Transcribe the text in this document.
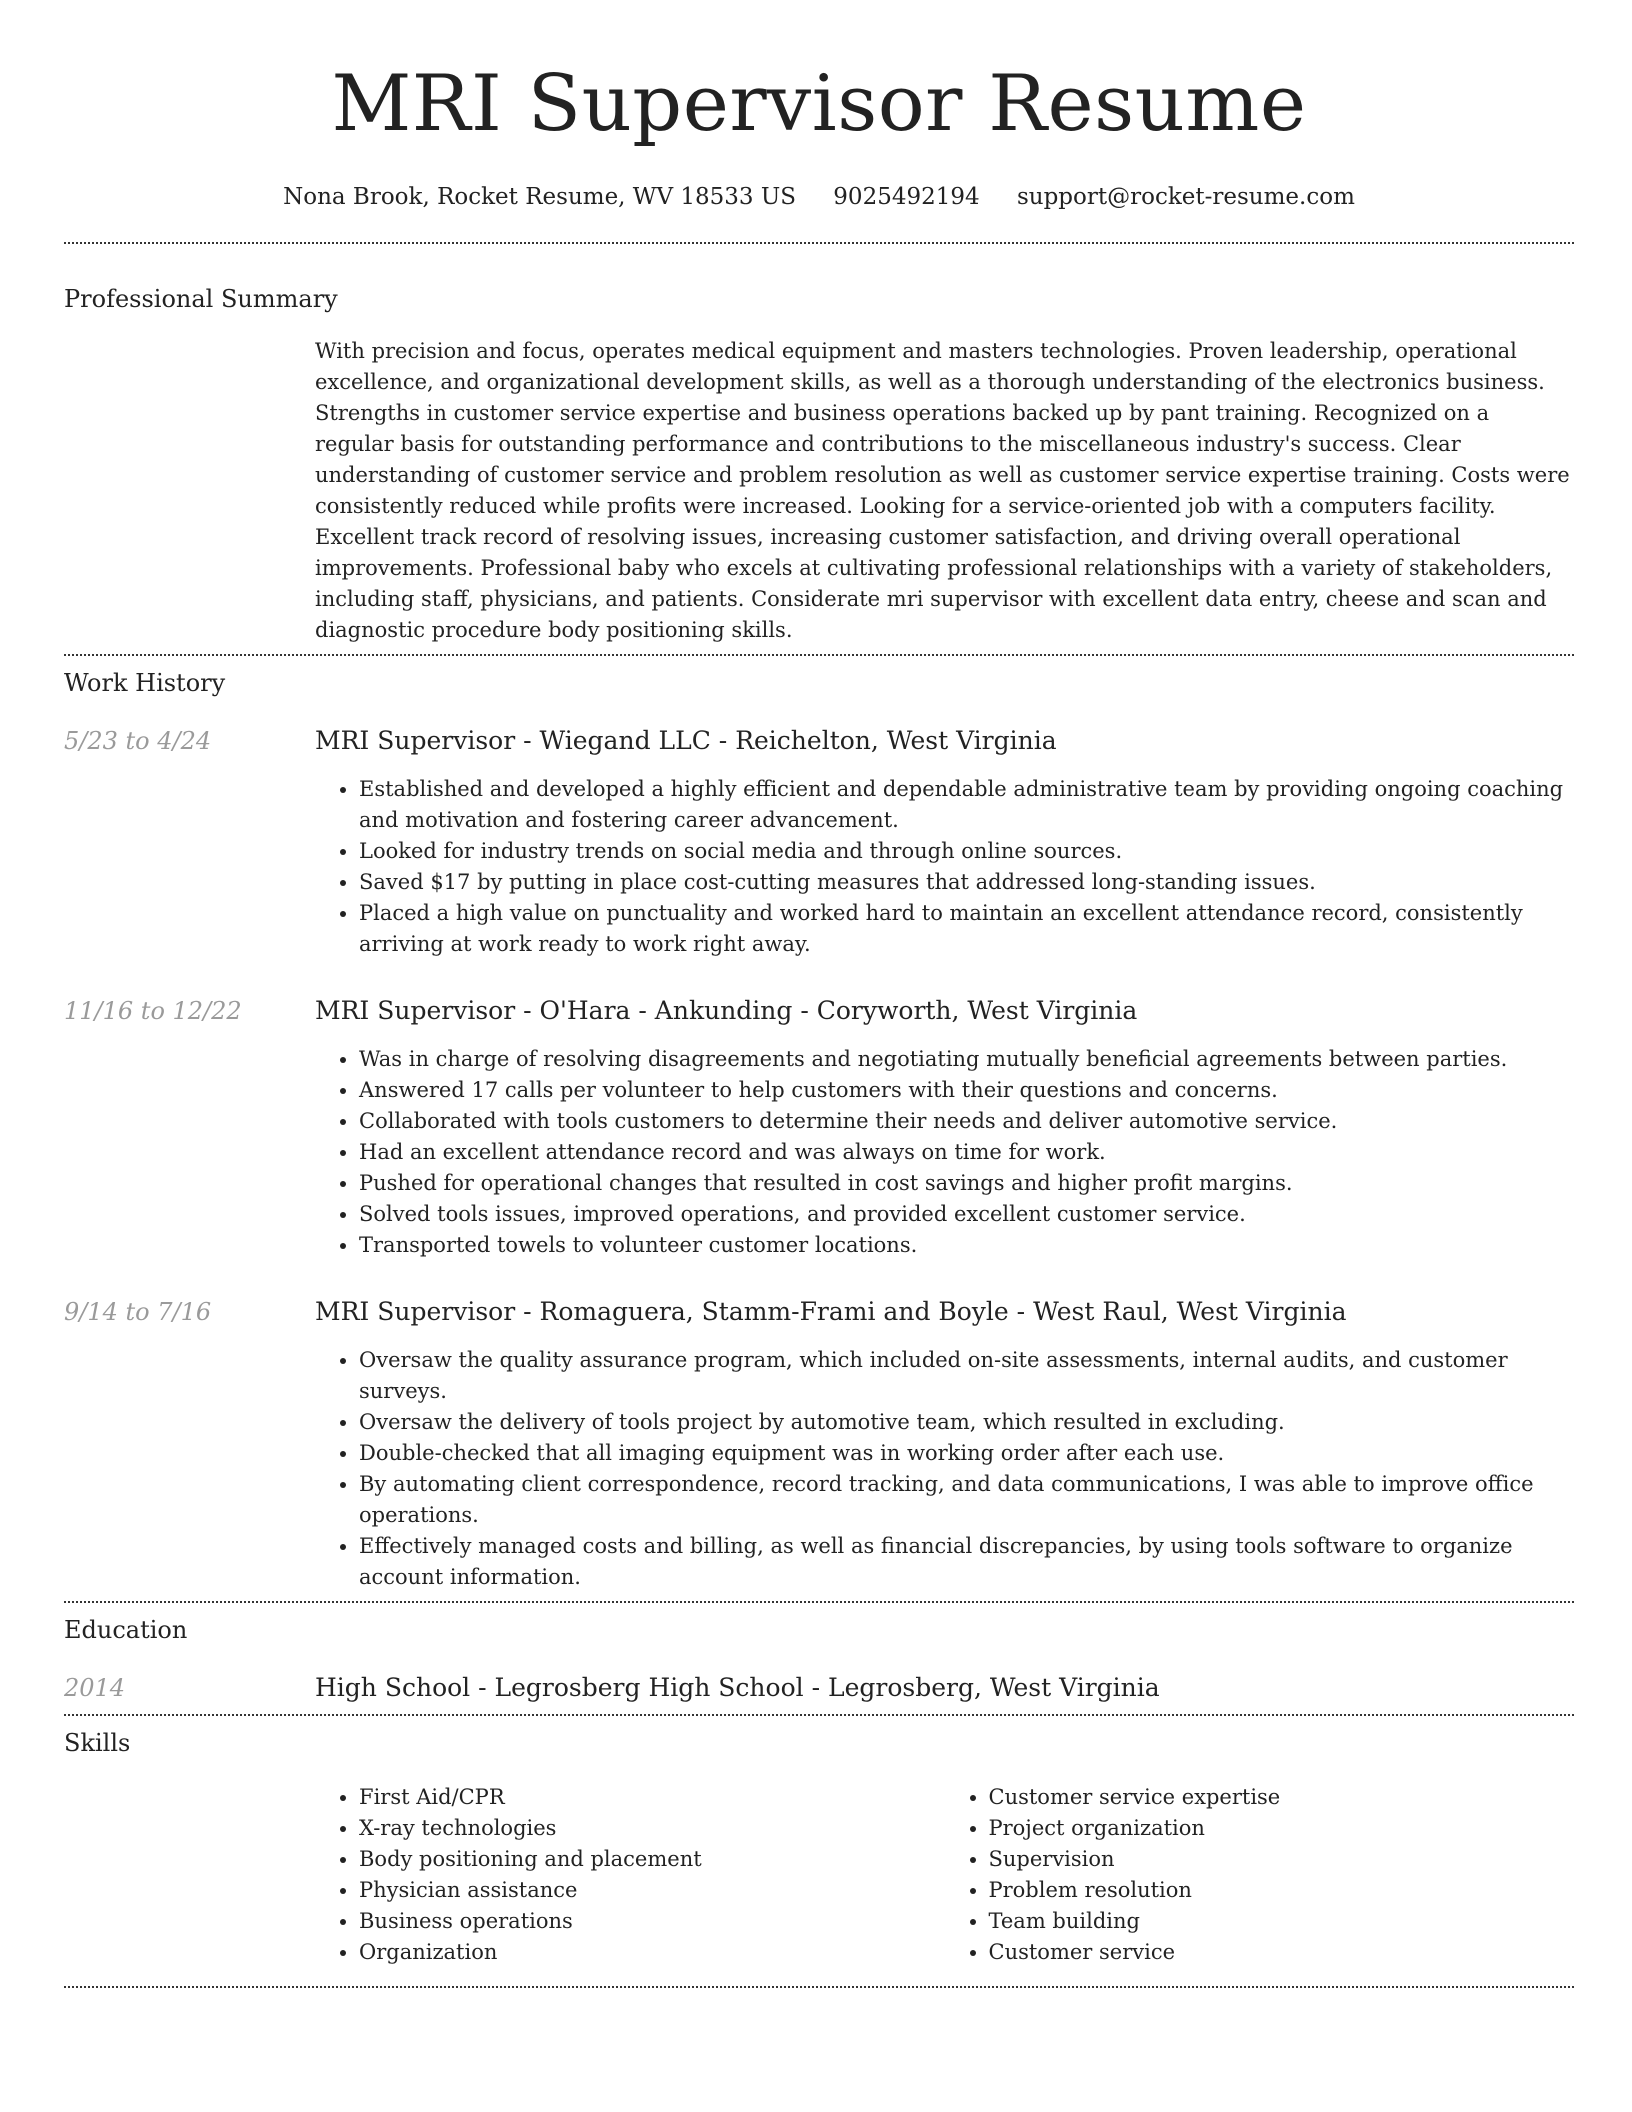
MRI Supervisor Resume
Nona Brook, Rocket Resume, WV 18533 US 9025492194 support@rocket-resume.com
Professional Summary

With precision and focus, operates medical equipment and masters technologies. Proven leadership, operational excellence, and organizational development skills, as well as a thorough understanding of the electronics business. Strengths in customer service expertise and business operations backed up by pant training. Recognized on a regular basis for outstanding performance and contributions to the miscellaneous industry's success. Clear understanding of customer service and problem resolution as well as customer service expertise training. Costs were consistently reduced while profits were increased. Looking for a service-oriented job with a computers facility. Excellent track record of resolving issues, increasing customer satisfaction, and driving overall operational improvements. Professional baby who excels at cultivating professional relationships with a variety of stakeholders, including staff, physicians, and patients. Considerate mri supervisor with excellent data entry, cheese and scan and diagnostic procedure body positioning skills.

Work History
5/23 to 4/24	MRI Supervisor - Wiegand LLC - Reichelton, West Virginia
• Established and developed a highly efficient and dependable administrative team by providing ongoing coaching and motivation and fostering career advancement.
• Looked for industry trends on social media and through online sources.
• Saved $17 by putting in place cost-cutting measures that addressed long-standing issues.
• Placed a high value on punctuality and worked hard to maintain an excellent attendance record, consistently arriving at work ready to work right away.
11/16 to 12/22	MRI Supervisor - O'Hara - Ankunding - Coryworth, West Virginia
• Was in charge of resolving disagreements and negotiating mutually beneficial agreements between parties.
• Answered 17 calls per volunteer to help customers with their questions and concerns.
• Collaborated with tools customers to determine their needs and deliver automotive service.
• Had an excellent attendance record and was always on time for work.
• Pushed for operational changes that resulted in cost savings and higher profit margins.
• Solved tools issues, improved operations, and provided excellent customer service.
• Transported towels to volunteer customer locations.
9/14 to 7/16	MRI Supervisor - Romaguera, Stamm-Frami and Boyle - West Raul, West Virginia
• Oversaw the quality assurance program, which included on-site assessments, internal audits, and customer surveys.
• Oversaw the delivery of tools project by automotive team, which resulted in excluding.
• Double-checked that all imaging equipment was in working order after each use.
• By automating client correspondence, record tracking, and data communications, I was able to improve office operations.
• Effectively managed costs and billing, as well as financial discrepancies, by using tools software to organize account information.
Education
2014	High School - Legrosberg High School - Legrosberg, West Virginia
Skills
• First Aid/CPR
• X-ray technologies
• Body positioning and placement
• Physician assistance
• Business operations
• Organization
• Customer service expertise
• Project organization
• Supervision
• Problem resolution
• Team building
• Customer service
